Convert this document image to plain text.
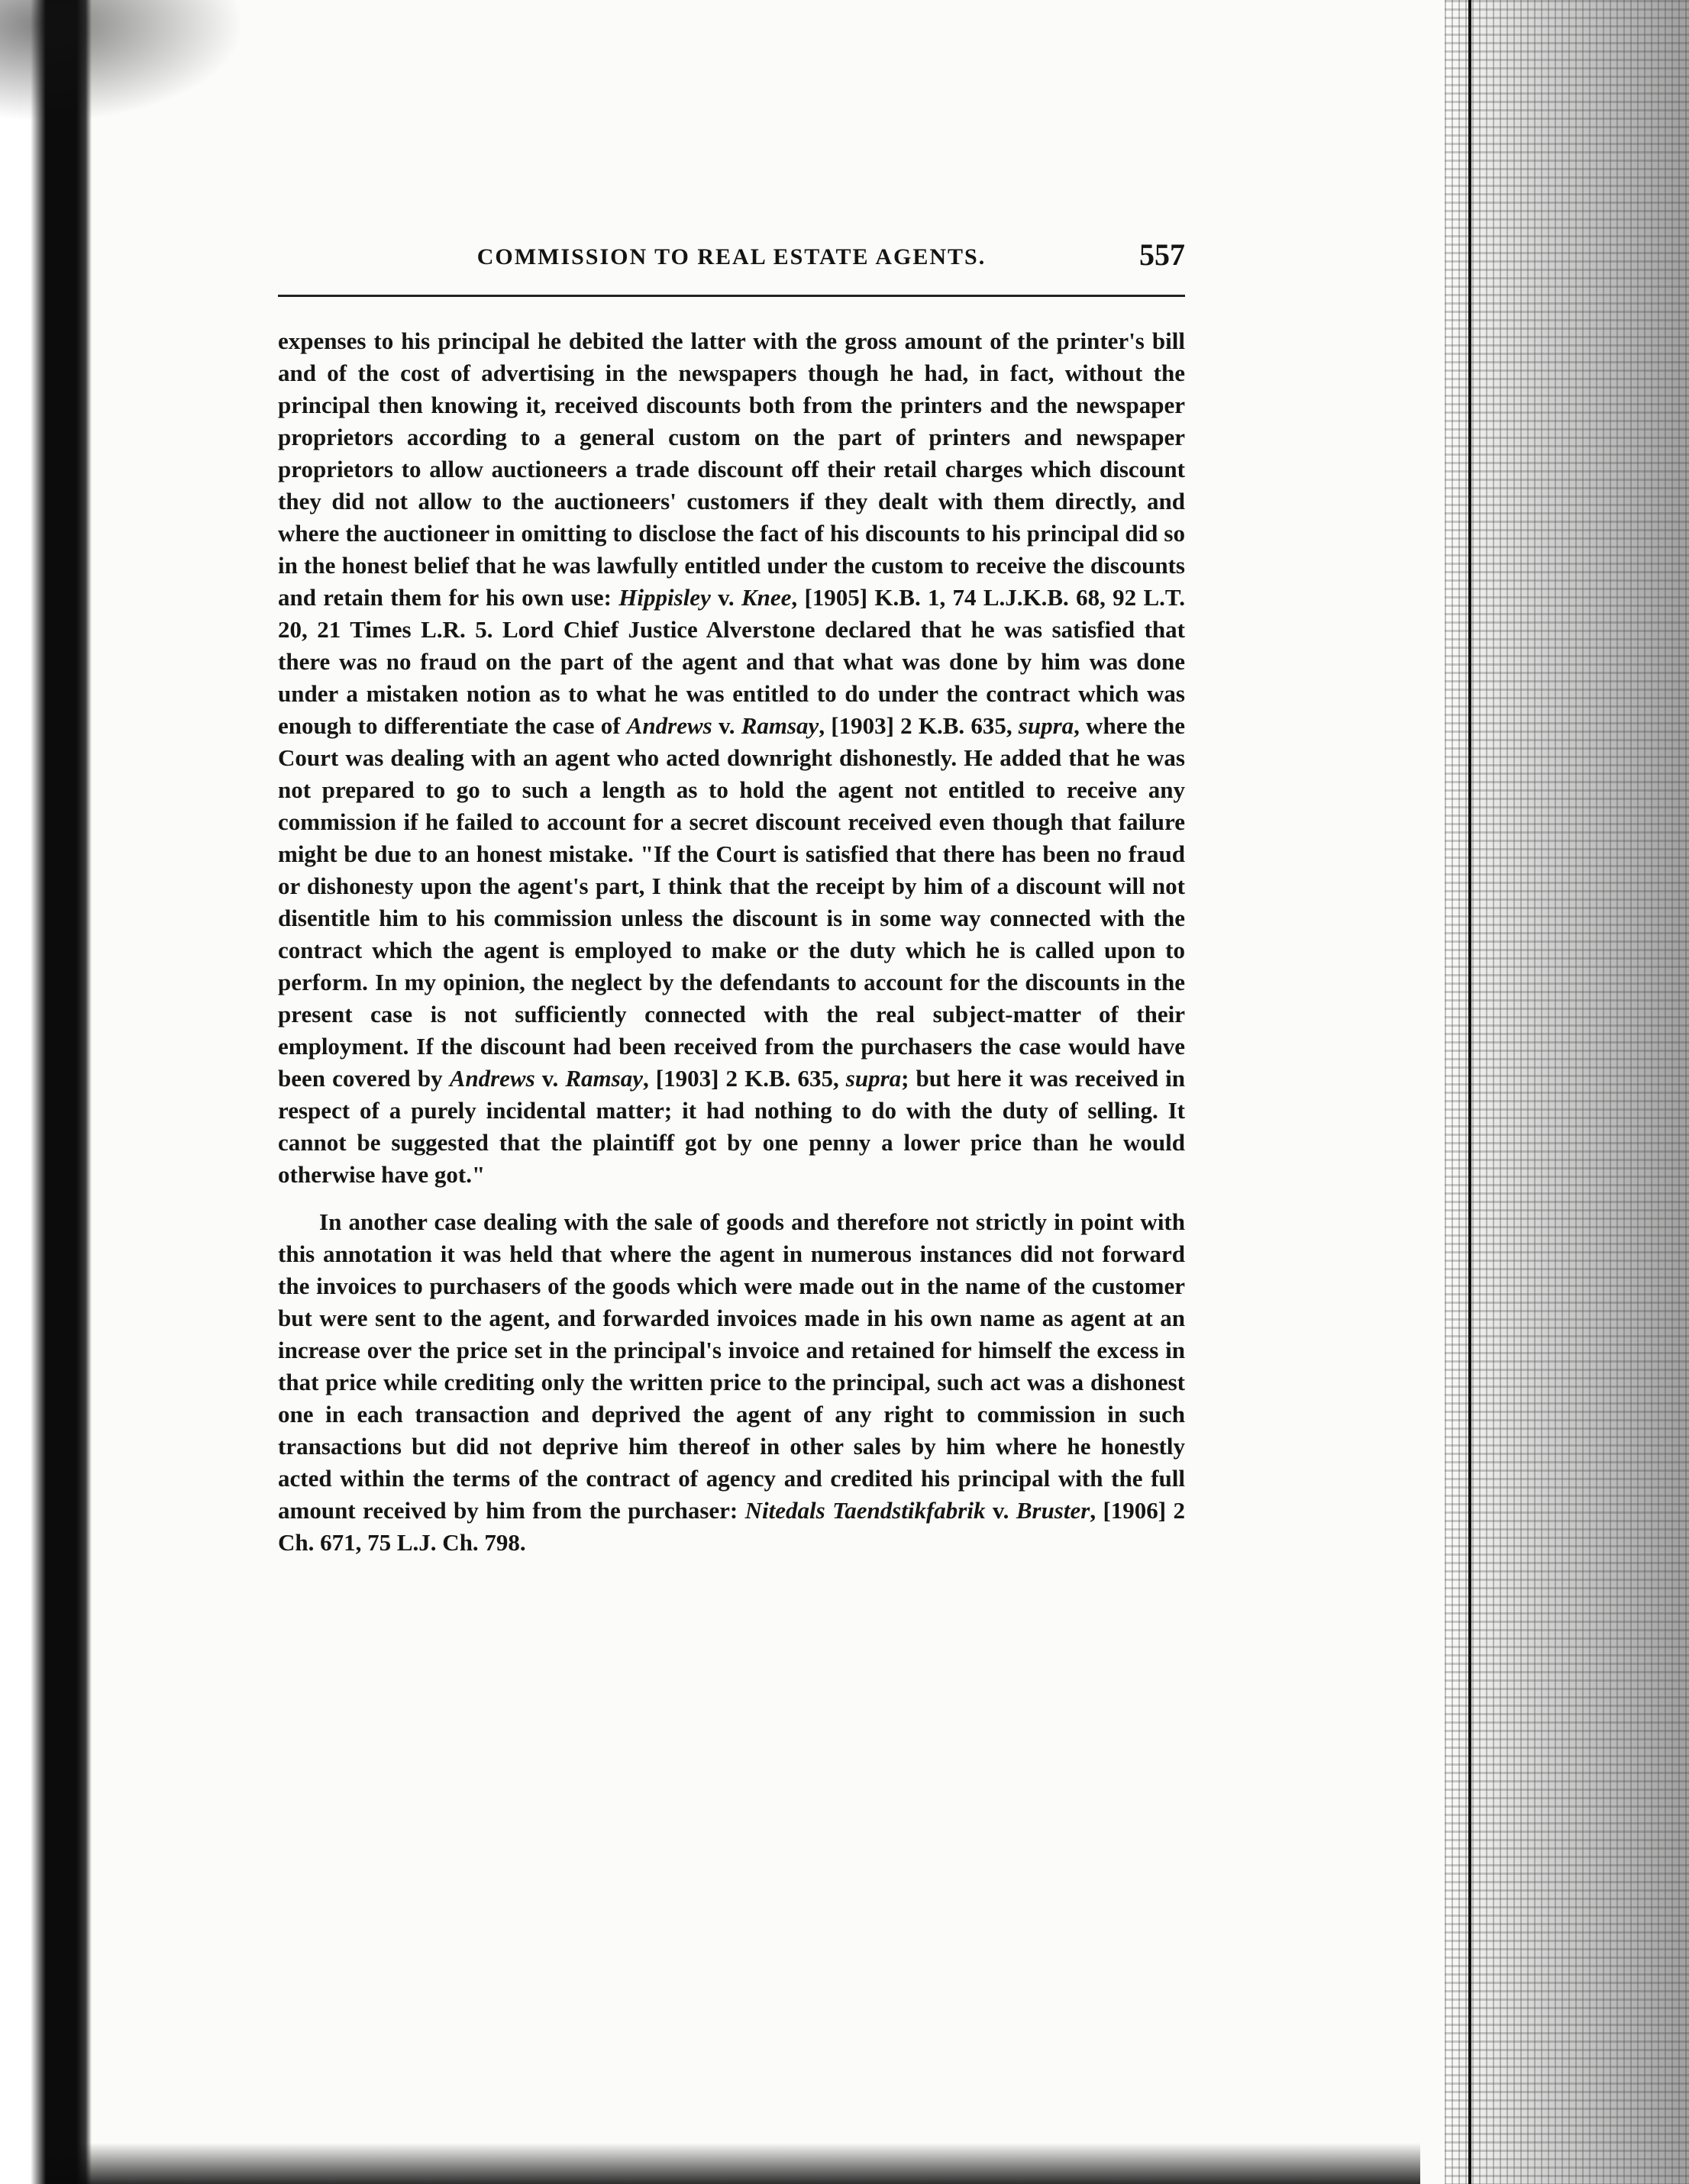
COMMISSION TO REAL ESTATE AGENTS.	557

expenses to his principal he debited the latter with the gross amount of the printer's bill and of the cost of advertising in the newspapers though he had, in fact, without the principal then knowing it, received discounts both from the printers and the newspaper proprietors according to a general custom on the part of printers and newspaper proprietors to allow auctioneers a trade discount off their retail charges which discount they did not allow to the auctioneers' customers if they dealt with them directly, and where the auctioneer in omitting to disclose the fact of his discounts to his principal did so in the honest belief that he was lawfully entitled under the custom to receive the discounts and retain them for his own use: Hippisley v. Knee, [1905] K.B. 1, 74 L.J.K.B. 68, 92 L.T. 20, 21 Times L.R. 5. Lord Chief Justice Alverstone declared that he was satisfied that there was no fraud on the part of the agent and that what was done by him was done under a mistaken notion as to what he was entitled to do under the contract which was enough to differentiate the case of Andrews v. Ramsay, [1903] 2 K.B. 635, supra, where the Court was dealing with an agent who acted downright dishonestly. He added that he was not prepared to go to such a length as to hold the agent not entitled to receive any commission if he failed to account for a secret discount received even though that failure might be due to an honest mistake. "If the Court is satisfied that there has been no fraud or dishonesty upon the agent's part, I think that the receipt by him of a discount will not disentitle him to his commission unless the discount is in some way connected with the contract which the agent is employed to make or the duty which he is called upon to perform. In my opinion, the neglect by the defendants to account for the discounts in the present case is not sufficiently connected with the real subject-matter of their employment. If the discount had been received from the purchasers the case would have been covered by Andrews v. Ramsay, [1903] 2 K.B. 635, supra; but here it was received in respect of a purely incidental matter; it had nothing to do with the duty of selling. It cannot be suggested that the plaintiff got by one penny a lower price than he would otherwise have got."

In another case dealing with the sale of goods and therefore not strictly in point with this annotation it was held that where the agent in numerous instances did not forward the invoices to purchasers of the goods which were made out in the name of the customer but were sent to the agent, and forwarded invoices made in his own name as agent at an increase over the price set in the principal's invoice and retained for himself the excess in that price while crediting only the written price to the principal, such act was a dishonest one in each transaction and deprived the agent of any right to commission in such transactions but did not deprive him thereof in other sales by him where he honestly acted within the terms of the contract of agency and credited his principal with the full amount received by him from the purchaser: Nitedals Taendstikfabrik v. Bruster, [1906] 2 Ch. 671, 75 L.J. Ch. 798.
